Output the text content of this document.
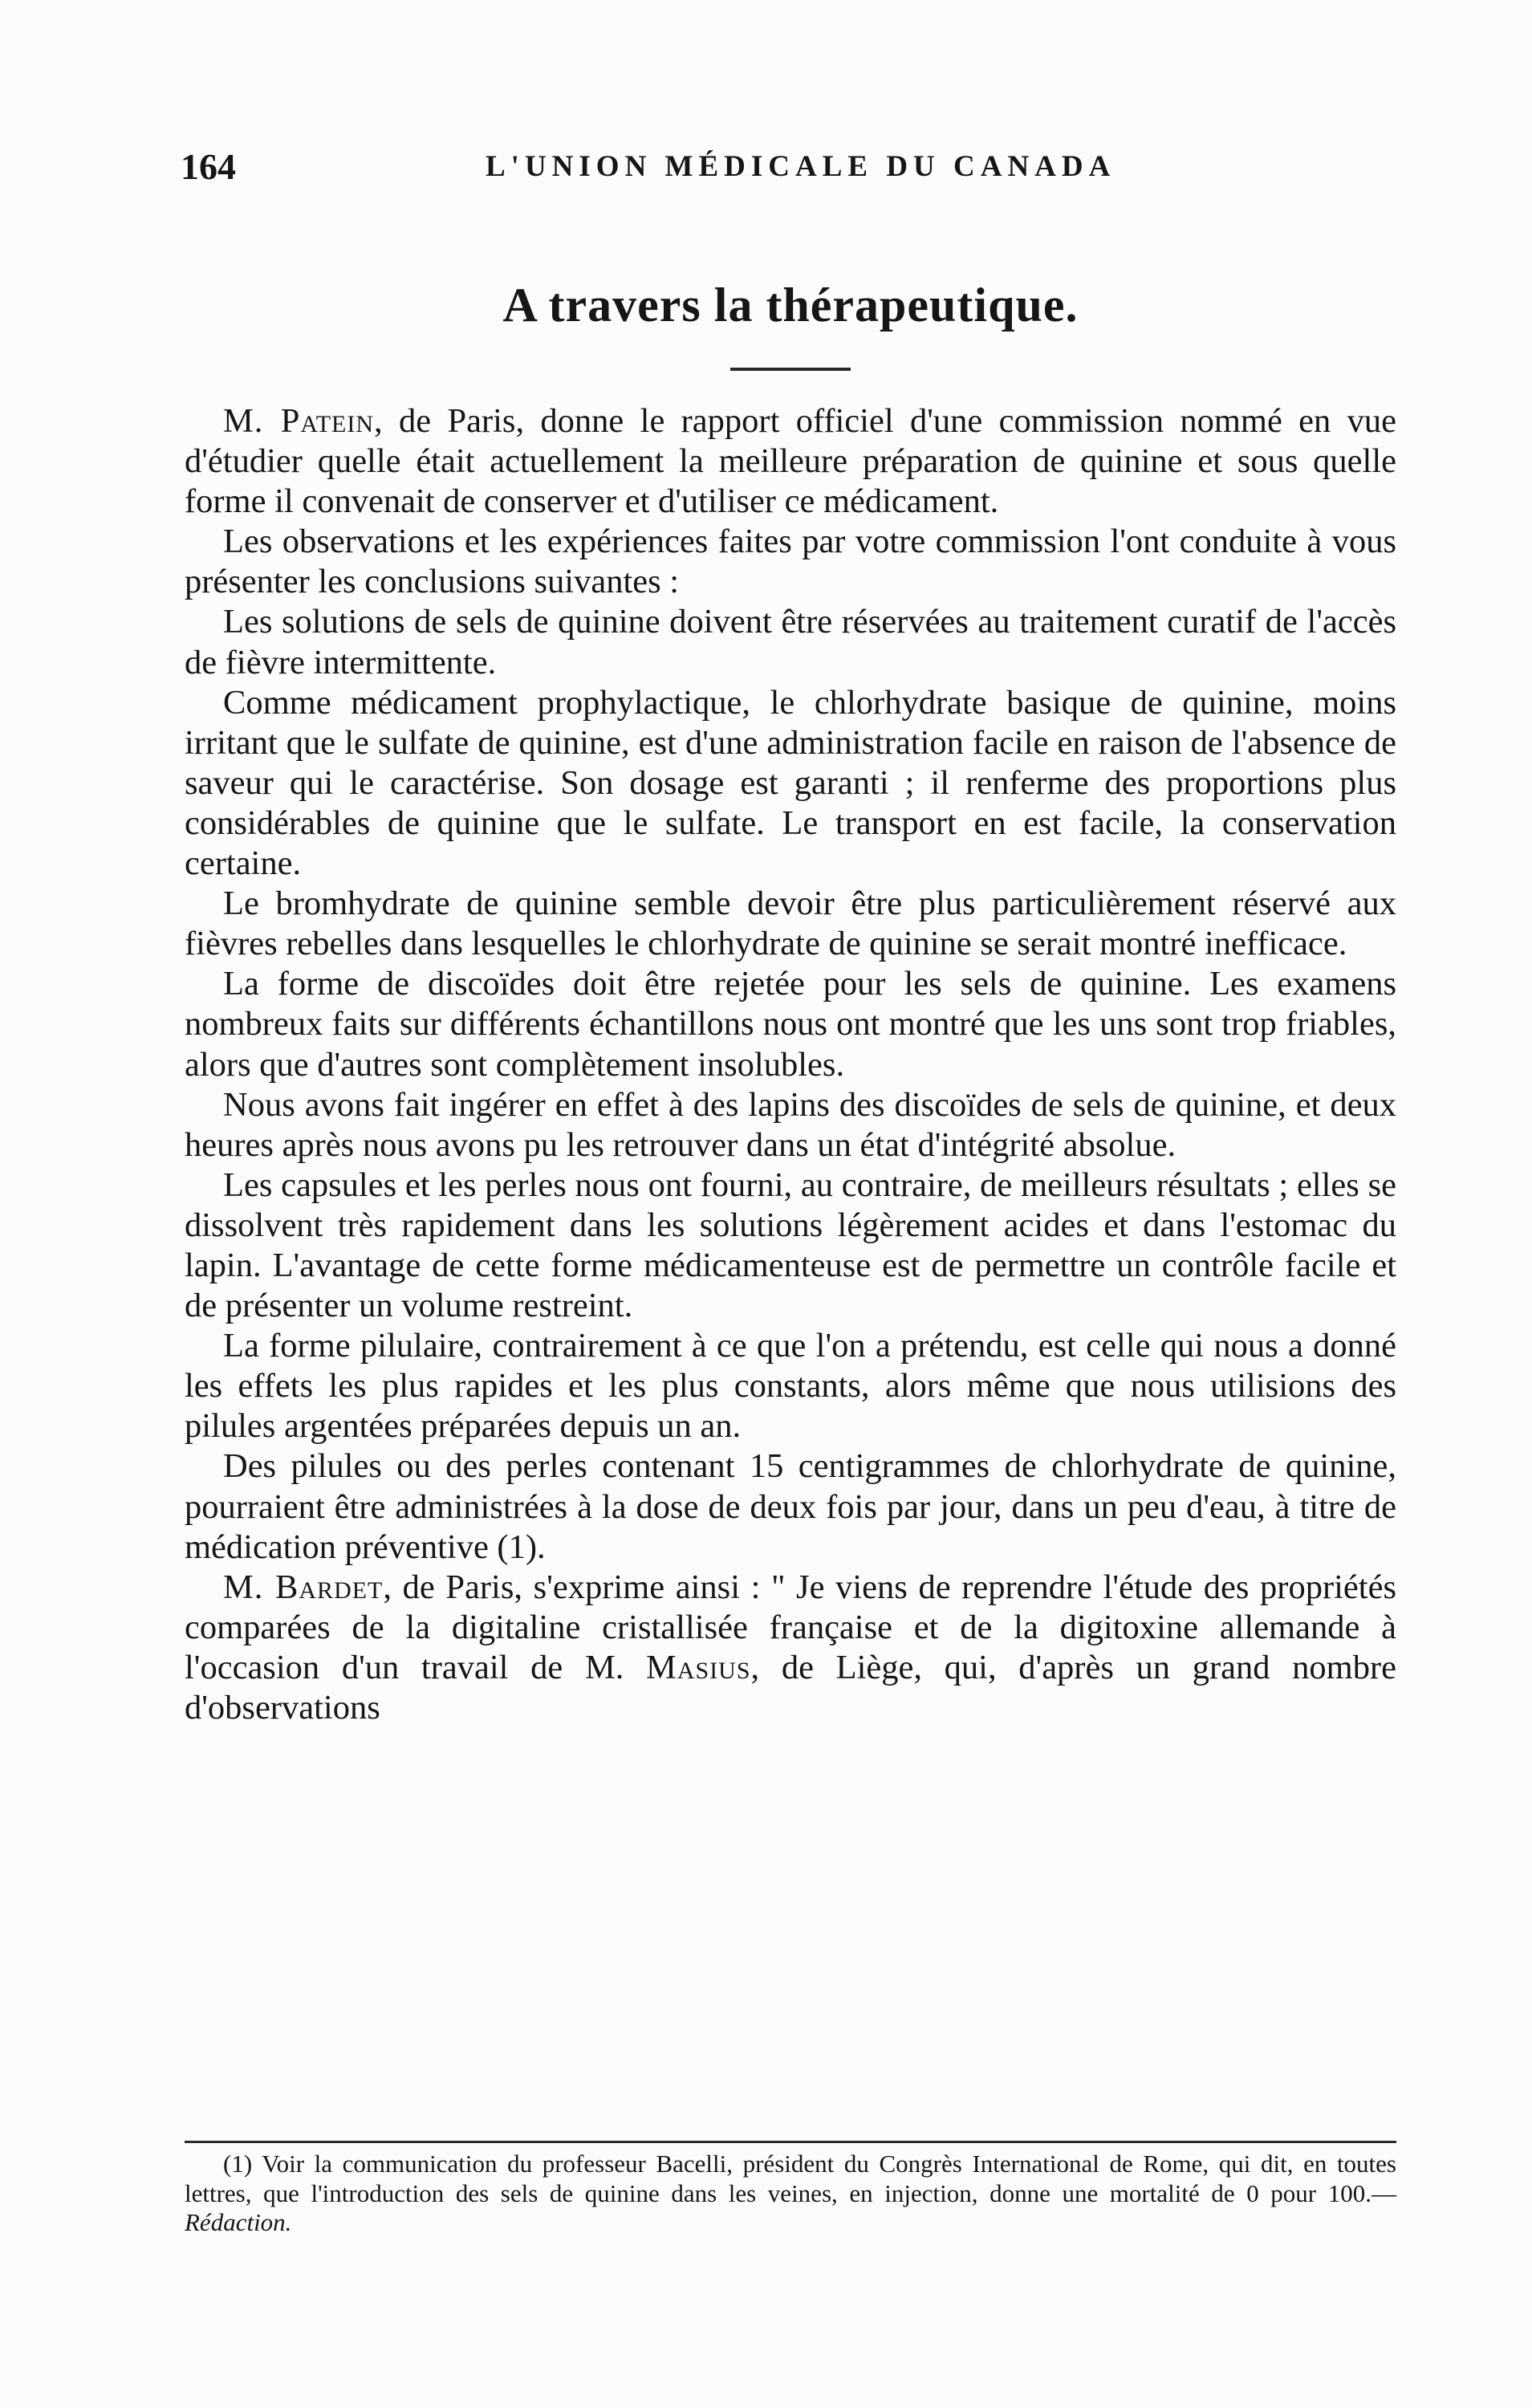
164	L'UNION MÉDICALE DU CANADA
A travers la thérapeutique.

M. Patein, de Paris, donne le rapport officiel d'une commission nommé en vue d'étudier quelle était actuellement la meilleure préparation de quinine et sous quelle forme il convenait de conserver et d'utiliser ce médicament.

Les observations et les expériences faites par votre commission l'ont conduite à vous présenter les conclusions suivantes :

Les solutions de sels de quinine doivent être réservées au traitement curatif de l'accès de fièvre intermittente.

Comme médicament prophylactique, le chlorhydrate basique de quinine, moins irritant que le sulfate de quinine, est d'une administration facile en raison de l'absence de saveur qui le caractérise. Son dosage est garanti ; il renferme des proportions plus considérables de quinine que le sulfate. Le transport en est facile, la conservation certaine.

Le bromhydrate de quinine semble devoir être plus particulièrement réservé aux fièvres rebelles dans lesquelles le chlorhydrate de quinine se serait montré inefficace.

La forme de discoïdes doit être rejetée pour les sels de quinine. Les examens nombreux faits sur différents échantillons nous ont montré que les uns sont trop friables, alors que d'autres sont complètement insolubles.

Nous avons fait ingérer en effet à des lapins des discoïdes de sels de quinine, et deux heures après nous avons pu les retrouver dans un état d'intégrité absolue.

Les capsules et les perles nous ont fourni, au contraire, de meilleurs résultats ; elles se dissolvent très rapidement dans les solutions légèrement acides et dans l'estomac du lapin. L'avantage de cette forme médicamenteuse est de permettre un contrôle facile et de présenter un volume restreint.

La forme pilulaire, contrairement à ce que l'on a prétendu, est celle qui nous a donné les effets les plus rapides et les plus constants, alors même que nous utilisions des pilules argentées préparées depuis un an.

Des pilules ou des perles contenant 15 centigrammes de chlorhydrate de quinine, pourraient être administrées à la dose de deux fois par jour, dans un peu d'eau, à titre de médication préventive (1).

M. Bardet, de Paris, s'exprime ainsi : " Je viens de reprendre l'étude des propriétés comparées de la digitaline cristallisée française et de la digitoxine allemande à l'occasion d'un travail de M. Masius, de Liège, qui, d'après un grand nombre d'observations

(1) Voir la communication du professeur Bacelli, président du Congrès International de Rome, qui dit, en toutes lettres, que l'introduction des sels de quinine dans les veines, en injection, donne une mortalité de 0 pour 100.—Rédaction.
